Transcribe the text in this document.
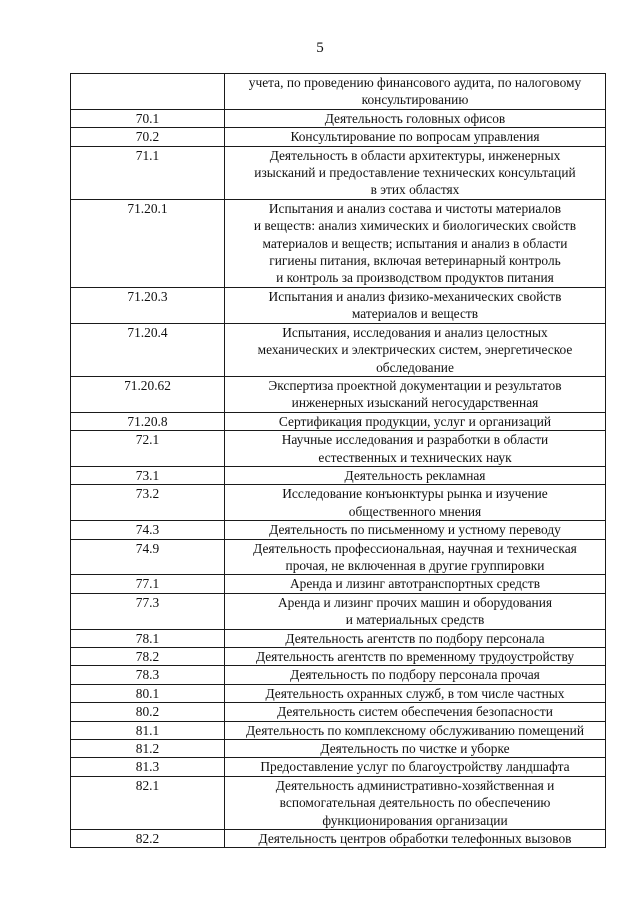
5

	учета, по проведению финансового аудита, по налоговому
консультированию

70.1	Деятельность головных офисов

70.2	Консультирование по вопросам управления

71.1	Деятельность в области архитектуры, инженерных
изысканий и предоставление технических консультаций
в этих областях

71.20.1	Испытания и анализ состава и чистоты материалов
и веществ: анализ химических и биологических свойств
материалов и веществ; испытания и анализ в области
гигиены питания, включая ветеринарный контроль
и контроль за производством продуктов питания

71.20.3	Испытания и анализ физико-механических свойств
материалов и веществ

71.20.4	Испытания, исследования и анализ целостных
механических и электрических систем, энергетическое
обследование

71.20.62	Экспертиза проектной документации и результатов
инженерных изысканий негосударственная

71.20.8	Сертификация продукции, услуг и организаций

72.1	Научные исследования и разработки в области
естественных и технических наук

73.1	Деятельность рекламная

73.2	Исследование конъюнктуры рынка и изучение
общественного мнения

74.3	Деятельность по письменному и устному переводу

74.9	Деятельность профессиональная, научная и техническая
прочая, не включенная в другие группировки

77.1	Аренда и лизинг автотранспортных средств

77.3	Аренда и лизинг прочих машин и оборудования
и материальных средств

78.1	Деятельность агентств по подбору персонала

78.2	Деятельность агентств по временному трудоустройству

78.3	Деятельность по подбору персонала прочая

80.1	Деятельность охранных служб, в том числе частных

80.2	Деятельность систем обеспечения безопасности

81.1	Деятельность по комплексному обслуживанию помещений

81.2	Деятельность по чистке и уборке

81.3	Предоставление услуг по благоустройству ландшафта

82.1	Деятельность административно-хозяйственная и
вспомогательная деятельность по обеспечению
функционирования организации

82.2	Деятельность центров обработки телефонных вызовов
